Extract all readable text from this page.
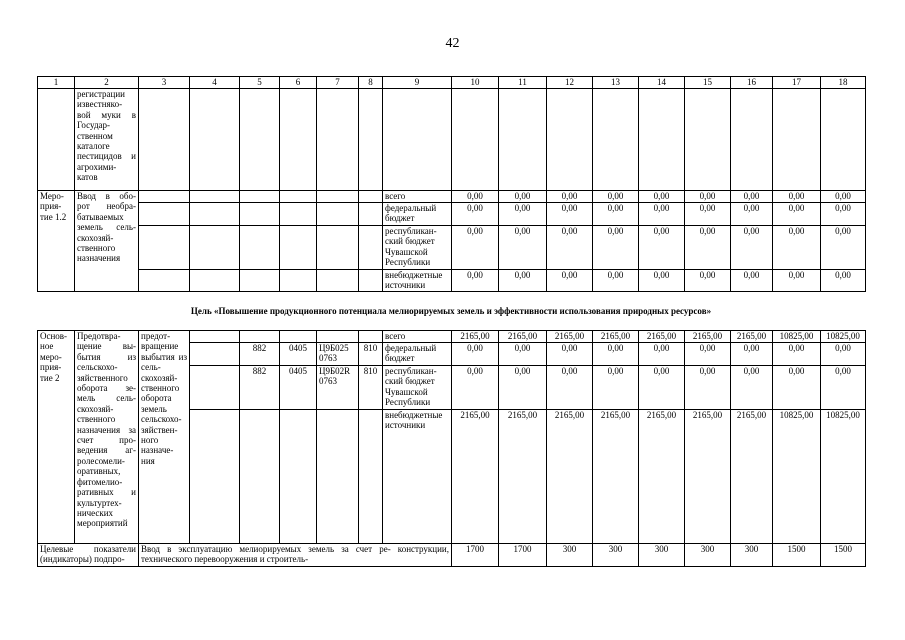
42
1	2	3	4	5	6	7	8	9	10	11	12	13	14	15	16	17	18
	регистрации известняко- вой муки в Государ- ственном каталоге пестицидов и агрохими- катов																
Меро- прия- тие 1.2	Ввод в обо- рот необра- батываемых земель сель- скохозяй- ственного назначения							всего	0,00	0,00	0,00	0,00	0,00	0,00	0,00	0,00	0,00
								федеральный бюджет	0,00	0,00	0,00	0,00	0,00	0,00	0,00	0,00	0,00
								республикан- ский бюджет Чувашской Республики	0,00	0,00	0,00	0,00	0,00	0,00	0,00	0,00	0,00
								внебюджетные источники	0,00	0,00	0,00	0,00	0,00	0,00	0,00	0,00	0,00
Цель «Повышение продукционного потенциала мелиорируемых земель и эффективности использования природных ресурсов»
Основ- ное меро- прия- тие 2	Предотвра- щение вы- бытия из сельскохо- зяйственного оборота зе- мель сель- скохозяй- ственного назначения за счет про- ведения аг- ролесомели- оративных, фитомелио- ративных и культуртех- нических мероприятий	предот- вращение выбытия из сель- скохозяй- ственного оборота земель сельскохо- зяйствен- ного назначе- ния						всего	2165,00	2165,00	2165,00	2165,00	2165,00	2165,00	2165,00	10825,00	10825,00
				882	0405	Ц9Б025 0763	810	федеральный бюджет	0,00	0,00	0,00	0,00	0,00	0,00	0,00	0,00	0,00
				882	0405	Ц9Б02R 0763	810	республикан- ский бюджет Чувашской Республики	0,00	0,00	0,00	0,00	0,00	0,00	0,00	0,00	0,00
								внебюджетные источники	2165,00	2165,00	2165,00	2165,00	2165,00	2165,00	2165,00	10825,00	10825,00
Целевые показатели (индикаторы) подпро-		Ввод в эксплуатацию мелиорируемых земель за счет ре- конструкции, технического перевооружения и строитель-							1700	1700	300	300	300	300	300	1500	1500
